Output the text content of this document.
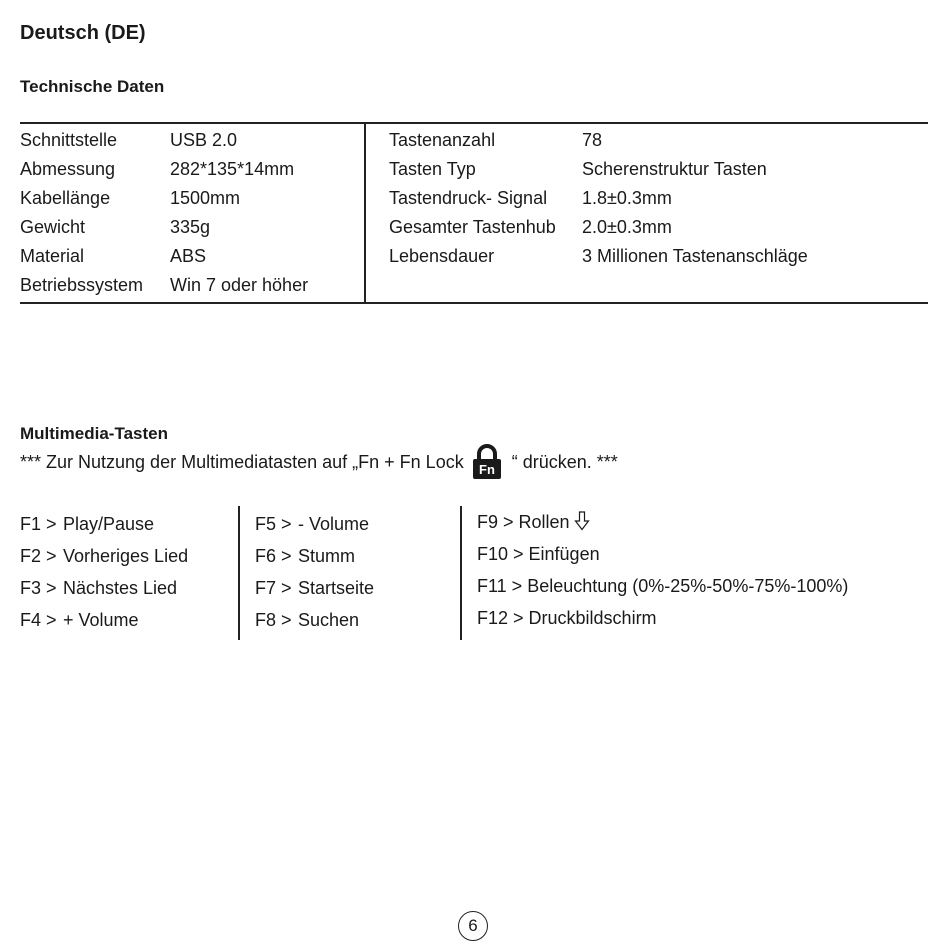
Deutsch (DE)
Technische Daten
Schnittstelle	USB 2.0
Abmessung	282*135*14mm
Kabellänge	1500mm
Gewicht	335g
Material	ABS
Betriebssystem Win 7 oder höher
Tastenanzahl	78
Tasten Typ	Scherenstruktur Tasten
Tastendruck- Signal 1.8±0.3mm
Gesamter Tastenhub 2.0±0.3mm
Lebensdauer	3 Millionen Tastenanschläge
Multimedia-Tasten
*** Zur Nutzung der Multimediatasten auf „Fn + Fn Lock Fn “ drücken. ***
F1 > Play/Pause
F2 > Vorheriges Lied
F3 > Nächstes Lied
F4 > + Volume
F5 > - Volume
F6 > Stumm
F7 > Startseite
F8 > Suchen
F9 > Rollen
F10 > Einfügen
F11 > Beleuchtung (0%-25%-50%-75%-100%)
F12 > Druckbildschirm
6
